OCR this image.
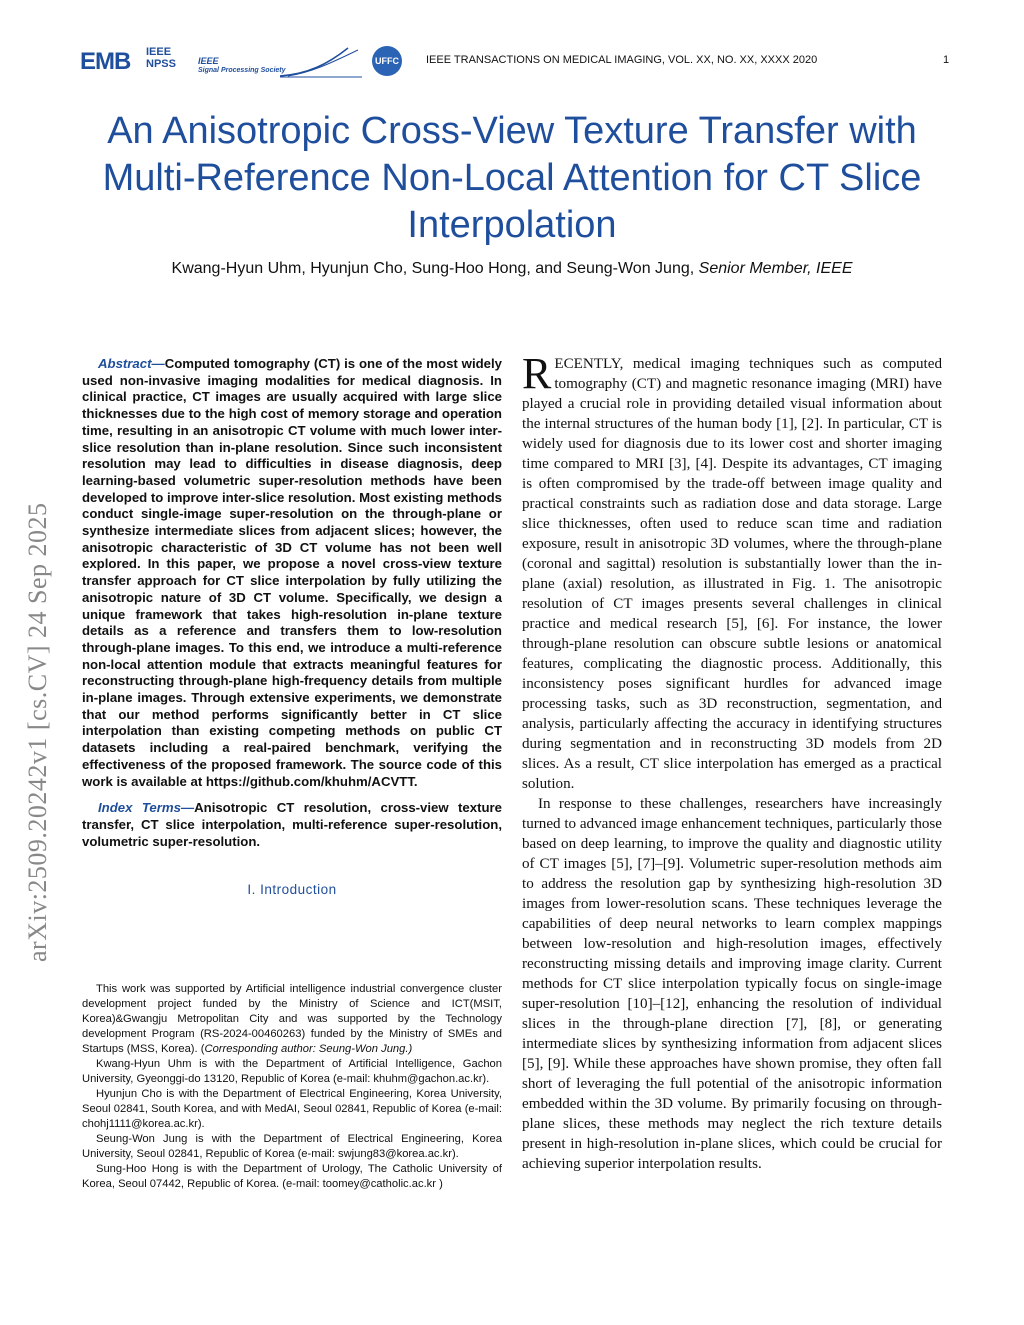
EMB IEEE
NPSS IEEE
Signal Processing Society
UFFC IEEE TRANSACTIONS ON MEDICAL IMAGING, VOL. XX, NO. XX, XXXX 2020	1
An Anisotropic Cross-View Texture Transfer with Multi-Reference Non-Local Attention for CT Slice Interpolation
Kwang-Hyun Uhm, Hyunjun Cho, Sung-Hoo Hong, and Seung-Won Jung, Senior Member, IEEE
arXiv:2509.20242v1 [cs.CV] 24 Sep 2025

Abstract—Computed tomography (CT) is one of the most widely used non-invasive imaging modalities for medical diagnosis. In clinical practice, CT images are usually acquired with large slice thicknesses due to the high cost of memory storage and operation time, resulting in an anisotropic CT volume with much lower inter-slice resolution than in-plane resolution. Since such inconsistent resolution may lead to difficulties in disease diagnosis, deep learning-based volumetric super-resolution methods have been developed to improve inter-slice resolution. Most existing methods conduct single-image super-resolution on the through-plane or synthesize intermediate slices from adjacent slices; however, the anisotropic characteristic of 3D CT volume has not been well explored. In this paper, we propose a novel cross-view texture transfer approach for CT slice interpolation by fully utilizing the anisotropic nature of 3D CT volume. Specifically, we design a unique framework that takes high-resolution in-plane texture details as a reference and transfers them to low-resolution through-plane images. To this end, we introduce a multi-reference non-local attention module that extracts meaningful features for reconstructing through-plane high-frequency details from multiple in-plane images. Through extensive experiments, we demonstrate that our method performs significantly better in CT slice interpolation than existing competing methods on public CT datasets including a real-paired benchmark, verifying the effectiveness of the proposed framework. The source code of this work is available at https://github.com/khuhm/ACVTT.

Index Terms—Anisotropic CT resolution, cross-view texture transfer, CT slice interpolation, multi-reference super-resolution, volumetric super-resolution.

I. Introduction

This work was supported by Artificial intelligence industrial convergence cluster development project funded by the Ministry of Science and ICT(MSIT, Korea)&Gwangju Metropolitan City and was supported by the Technology development Program (RS-2024-00460263) funded by the Ministry of SMEs and Startups (MSS, Korea). (Corresponding author: Seung-Won Jung.)

Kwang-Hyun Uhm is with the Department of Artificial Intelligence, Gachon University, Gyeonggi-do 13120, Republic of Korea (e-mail: khuhm@gachon.ac.kr).

Hyunjun Cho is with the Department of Electrical Engineering, Korea University, Seoul 02841, South Korea, and with MedAI, Seoul 02841, Republic of Korea (e-mail: chohj1111@korea.ac.kr).

Seung-Won Jung is with the Department of Electrical Engineering, Korea University, Seoul 02841, Republic of Korea (e-mail: swjung83@korea.ac.kr).

Sung-Hoo Hong is with the Department of Urology, The Catholic University of Korea, Seoul 07442, Republic of Korea. (e-mail: toomey@catholic.ac.kr )

RECENTLY, medical imaging techniques such as computed tomography (CT) and magnetic resonance imaging (MRI) have played a crucial role in providing detailed visual information about the internal structures of the human body [1], [2]. In particular, CT is widely used for diagnosis due to its lower cost and shorter imaging time compared to MRI [3], [4]. Despite its advantages, CT imaging is often compromised by the trade-off between image quality and practical constraints such as radiation dose and data storage. Large slice thicknesses, often used to reduce scan time and radiation exposure, result in anisotropic 3D volumes, where the through-plane (coronal and sagittal) resolution is substantially lower than the in-plane (axial) resolution, as illustrated in Fig. 1. The anisotropic resolution of CT images presents several challenges in clinical practice and medical research [5], [6]. For instance, the lower through-plane resolution can obscure subtle lesions or anatomical features, complicating the diagnostic process. Additionally, this inconsistency poses significant hurdles for advanced image processing tasks, such as 3D reconstruction, segmentation, and analysis, particularly affecting the accuracy in identifying structures during segmentation and in reconstructing 3D models from 2D slices. As a result, CT slice interpolation has emerged as a practical solution.

In response to these challenges, researchers have increasingly turned to advanced image enhancement techniques, particularly those based on deep learning, to improve the quality and diagnostic utility of CT images [5], [7]–[9]. Volumetric super-resolution methods aim to address the resolution gap by synthesizing high-resolution 3D images from lower-resolution scans. These techniques leverage the capabilities of deep neural networks to learn complex mappings between low-resolution and high-resolution images, effectively reconstructing missing details and improving image clarity. Current methods for CT slice interpolation typically focus on single-image super-resolution [10]–[12], enhancing the resolution of individual slices in the through-plane direction [7], [8], or generating intermediate slices by synthesizing information from adjacent slices [5], [9]. While these approaches have shown promise, they often fall short of leveraging the full potential of the anisotropic information embedded within the 3D volume. By primarily focusing on through-plane slices, these methods may neglect the rich texture details present in high-resolution in-plane slices, which could be crucial for achieving superior interpolation results.
